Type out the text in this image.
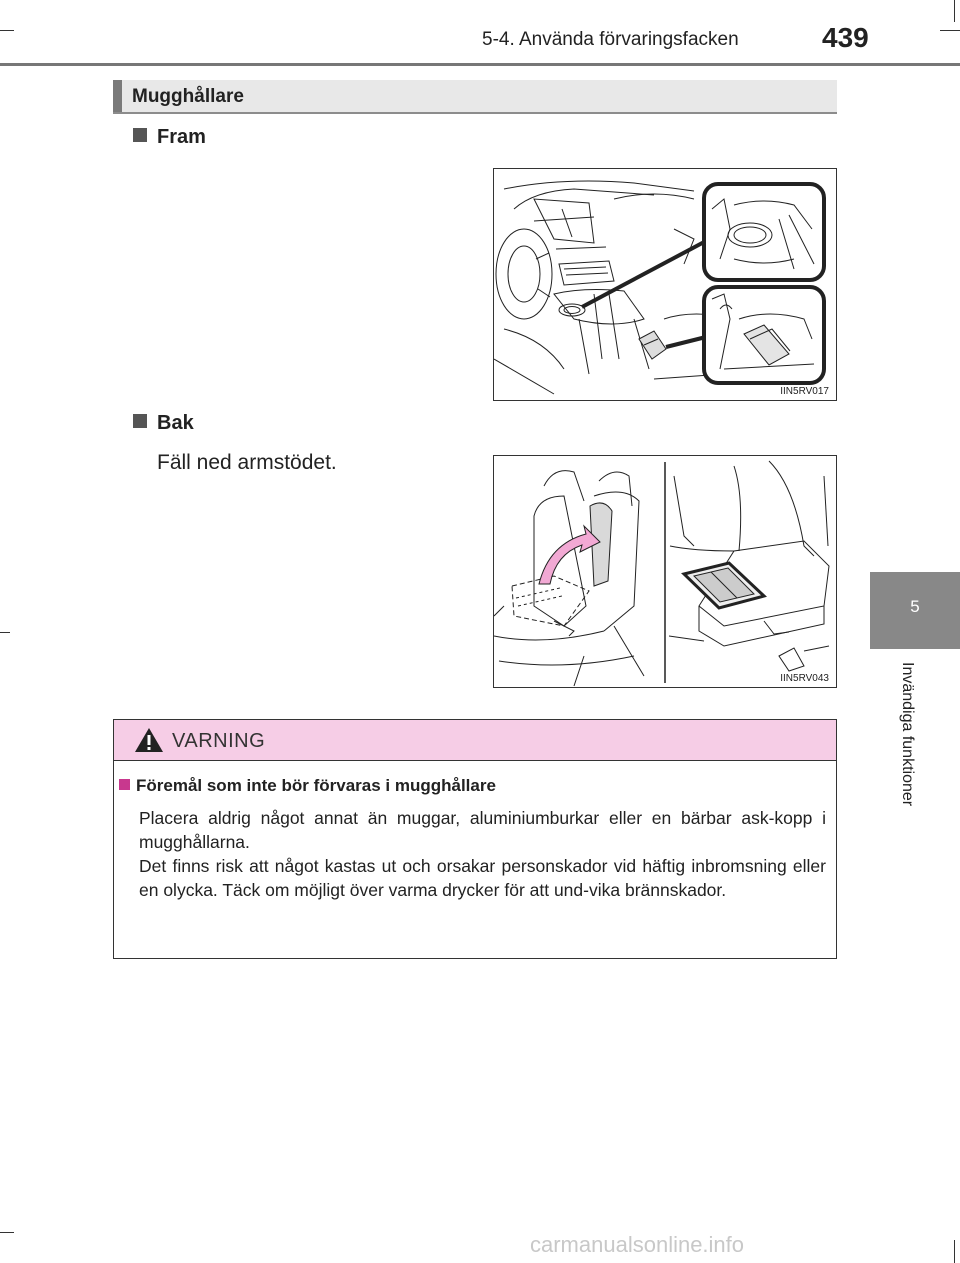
5-4. Använda förvaringsfacken	439
5
Invändiga funktioner
Mugghållare
Fram
IIN5RV017
Bak
Fäll ned armstödet.
IIN5RV043
VARNING
Föremål som inte bör förvaras i mugghållare

Placera aldrig något annat än muggar, aluminiumburkar eller en bärbar ask-kopp i mugghållarna.

Det finns risk att något kastas ut och orsakar personskador vid häftig inbromsning eller en olycka. Täck om möjligt över varma drycker för att und-vika brännskador.

carmanualsonline.info
